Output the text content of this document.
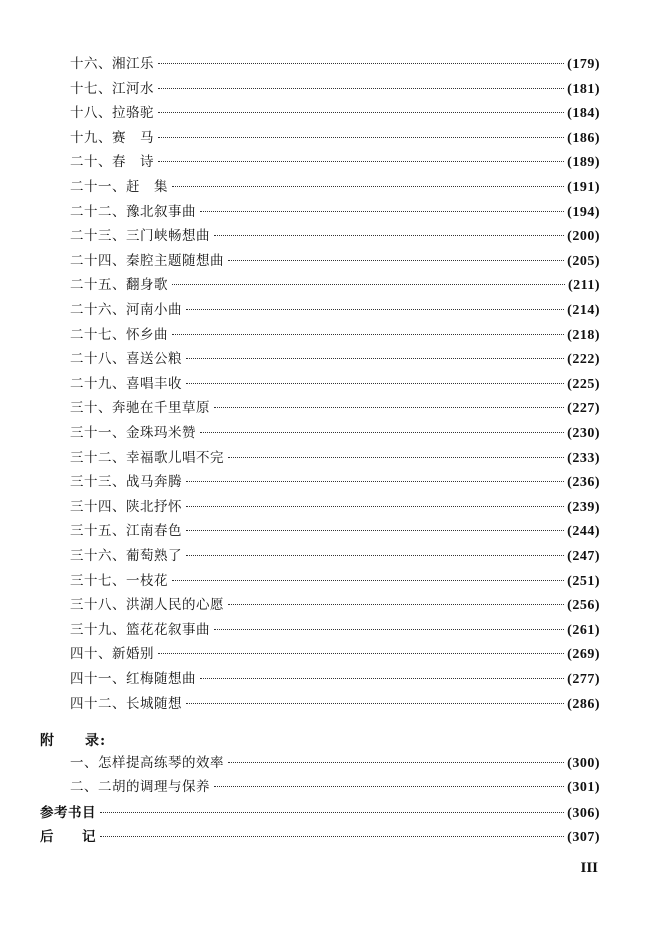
十六、湘江乐	(179)
十七、江河水	(181)
十八、拉骆驼	(184)
十九、赛　马	(186)
二十、春　诗	(189)
二十一、赶　集	(191)
二十二、豫北叙事曲	(194)
二十三、三门峡畅想曲	(200)
二十四、秦腔主题随想曲	(205)
二十五、翻身歌	(211)
二十六、河南小曲	(214)
二十七、怀乡曲	(218)
二十八、喜送公粮	(222)
二十九、喜唱丰收	(225)
三十、奔驰在千里草原	(227)
三十一、金珠玛米赞	(230)
三十二、幸福歌儿唱不完	(233)
三十三、战马奔腾	(236)
三十四、陕北抒怀	(239)
三十五、江南春色	(244)
三十六、葡萄熟了	(247)
三十七、一枝花	(251)
三十八、洪湖人民的心愿	(256)
三十九、篮花花叙事曲	(261)
四十、新婚别	(269)
四十一、红梅随想曲	(277)
四十二、长城随想	(286)
附　　录:
一、怎样提高练琴的效率	(300)
二、二胡的调理与保养	(301)
参考书目	(306)
后　　记	(307)
III
